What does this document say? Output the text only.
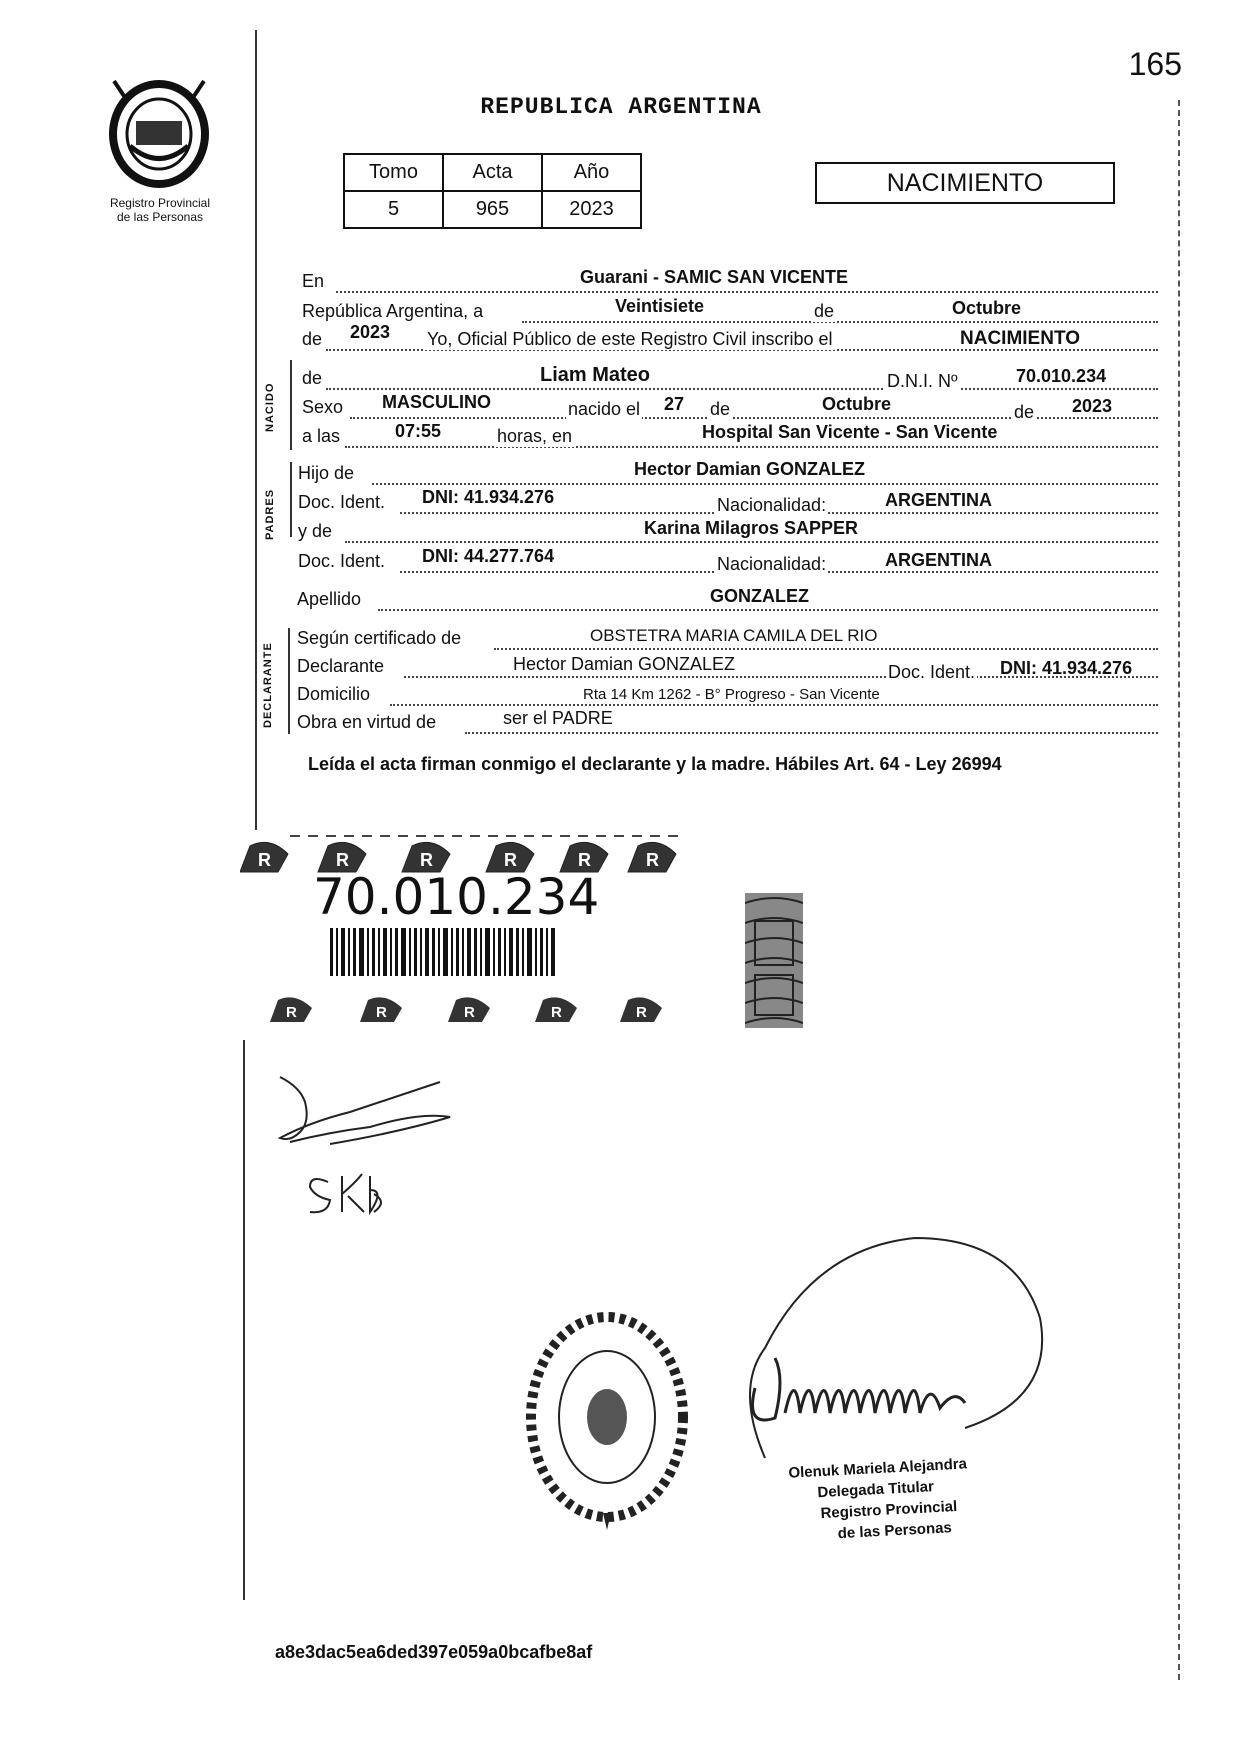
165
Registro Provincial
de las Personas
REPUBLICA ARGENTINA
Tomo	Acta	Año
5	965	2023
NACIMIENTO
En	Guarani - SAMIC SAN VICENTE
República Argentina, a	Veintisiete	de	Octubre
de 2023 Yo, Oficial Público de este Registro Civil inscribo el	NACIMIENTO
NACIDO
de	Liam Mateo	D.N.I. Nº	70.010.234
Sexo MASCULINO	nacido el 27 de	Octubre	de 2023
a las	07:55	horas, en	Hospital San Vicente - San Vicente
PADRES
Hijo de	Hector Damian GONZALEZ
Doc. Ident. DNI: 41.934.276	Nacionalidad:	ARGENTINA
y de	Karina Milagros SAPPER
Doc. Ident. DNI: 44.277.764	Nacionalidad:	ARGENTINA
Apellido	GONZALEZ
DECLARANTE
Según certificado de	OBSTETRA MARIA CAMILA DEL RIO
Declarante	Hector Damian GONZALEZ	Doc. Ident. DNI: 41.934.276
Domicilio	Rta 14 Km 1262 - B° Progreso - San Vicente
Obra en virtud de	ser el PADRE
Leída el acta firman conmigo el declarante y la madre. Hábiles Art. 64 - Ley 26994
R	R	R	R	R	R
70.010.234
R	R	R	R	R
Olenuk Mariela Alejandra
Delegada Titular
Registro Provincial
de las Personas
a8e3dac5ea6ded397e059a0bcafbe8af
